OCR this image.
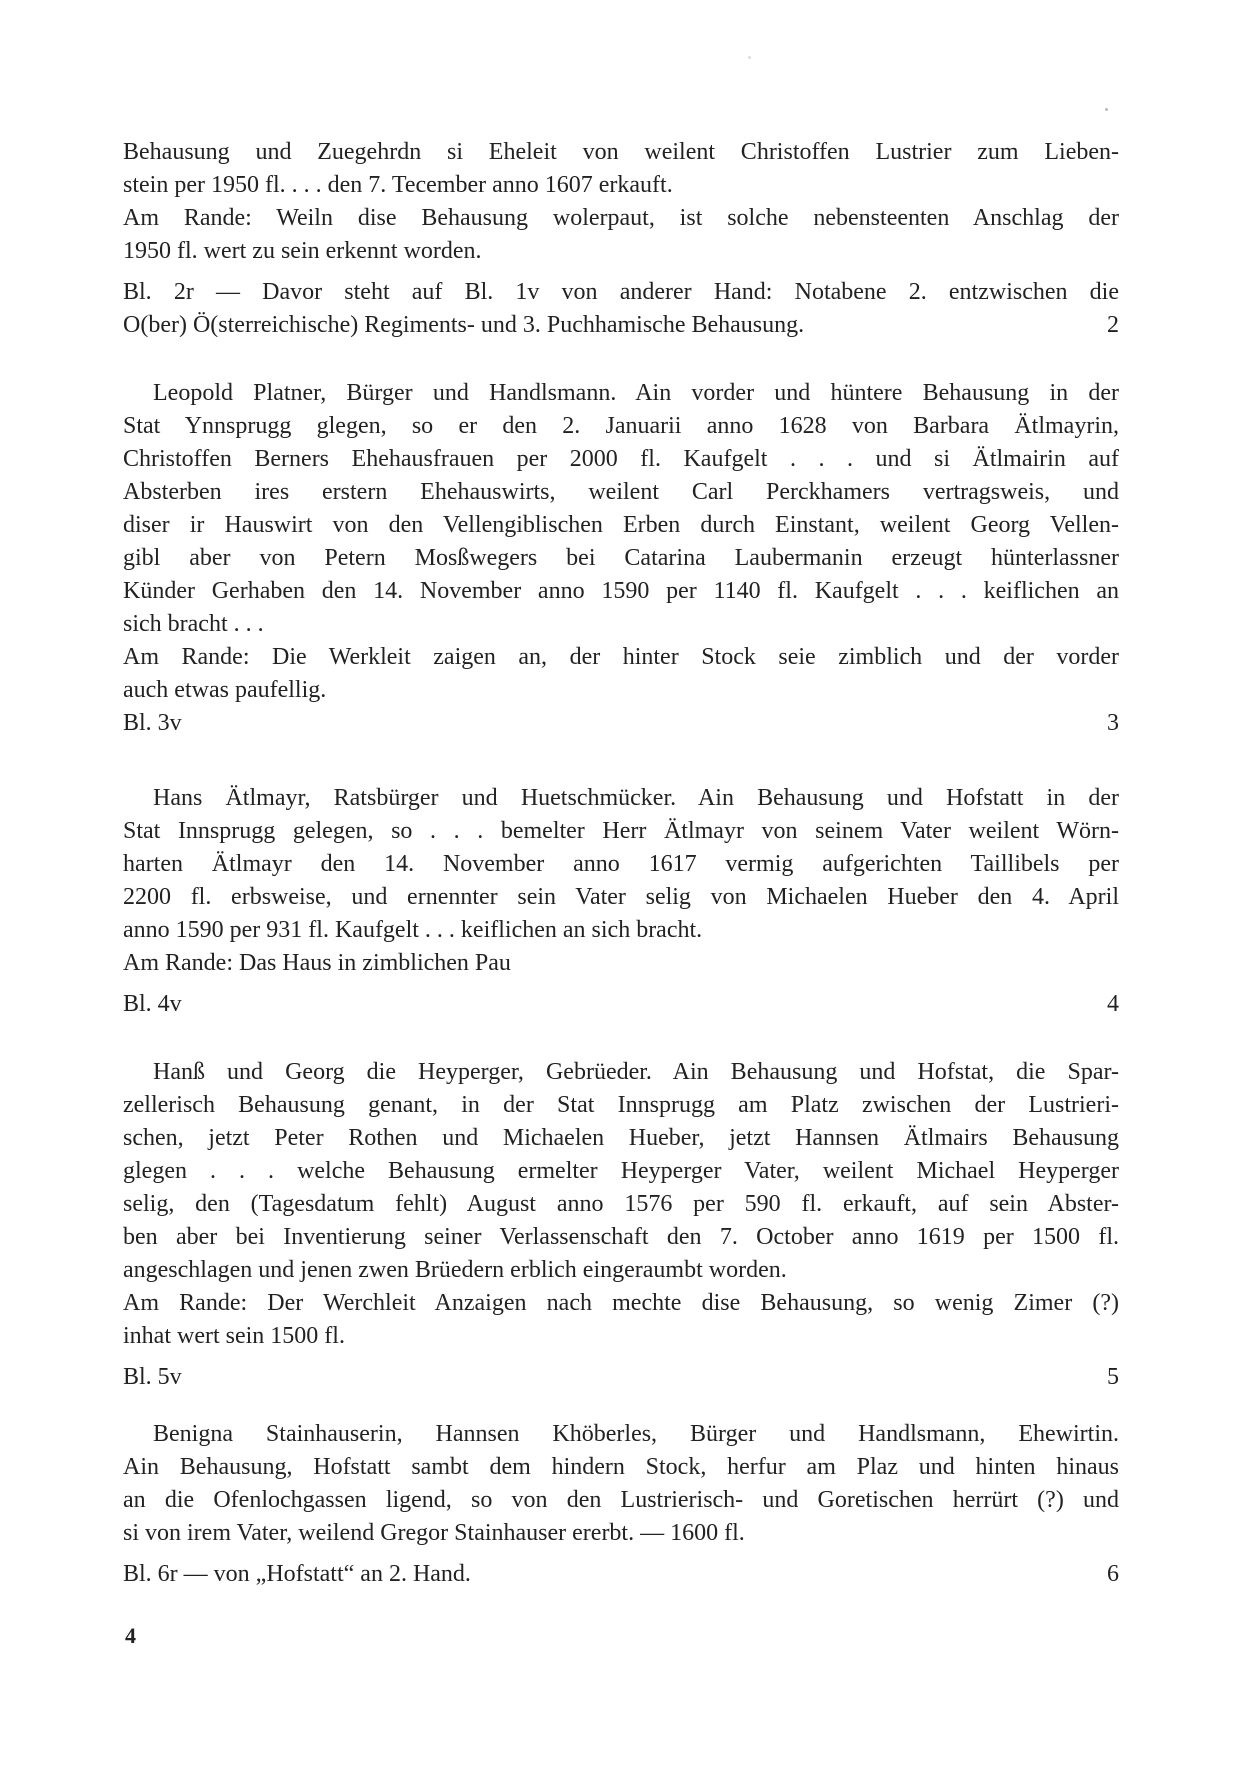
Behausung und Zuegehrdn si Eheleit von weilent Christoffen Lustrier zum Lieben-
stein per 1950 fl. . . . den 7. Tecember anno 1607 erkauft.
Am Rande: Weiln dise Behausung wolerpaut, ist solche nebensteenten Anschlag der
1950 fl. wert zu sein erkennt worden.
Bl. 2r — Davor steht auf Bl. 1v von anderer Hand: Notabene 2. entzwischen die
O(ber) Ö(sterreichische) Regiments- und 3. Puchhamische Behausung.	2
Leopold Platner, Bürger und Handlsmann. Ain vorder und hüntere Behausung in der
Stat Ynnsprugg glegen, so er den 2. Januarii anno 1628 von Barbara Ätlmayrin,
Christoffen Berners Ehehausfrauen per 2000 fl. Kaufgelt . . . und si Ätlmairin auf
Absterben ires erstern Ehehauswirts, weilent Carl Perckhamers vertragsweis, und
diser ir Hauswirt von den Vellengiblischen Erben durch Einstant, weilent Georg Vellen-
gibl aber von Petern Mosßwegers bei Catarina Laubermanin erzeugt hünterlassner
Künder Gerhaben den 14. November anno 1590 per 1140 fl. Kaufgelt . . . keiflichen an
sich bracht . . .
Am Rande: Die Werkleit zaigen an, der hinter Stock seie zimblich und der vorder
auch etwas paufellig.
Bl. 3v	3
Hans Ätlmayr, Ratsbürger und Huetschmücker. Ain Behausung und Hofstatt in der
Stat Innsprugg gelegen, so . . . bemelter Herr Ätlmayr von seinem Vater weilent Wörn-
harten Ätlmayr den 14. November anno 1617 vermig aufgerichten Taillibels per
2200 fl. erbsweise, und ernennter sein Vater selig von Michaelen Hueber den 4. April
anno 1590 per 931 fl. Kaufgelt . . . keiflichen an sich bracht.
Am Rande: Das Haus in zimblichen Pau
Bl. 4v	4
Hanß und Georg die Heyperger, Gebrüeder. Ain Behausung und Hofstat, die Spar-
zellerisch Behausung genant, in der Stat Innsprugg am Platz zwischen der Lustrieri-
schen, jetzt Peter Rothen und Michaelen Hueber, jetzt Hannsen Ätlmairs Behausung
glegen . . . welche Behausung ermelter Heyperger Vater, weilent Michael Heyperger
selig, den (Tagesdatum fehlt) August anno 1576 per 590 fl. erkauft, auf sein Abster-
ben aber bei Inventierung seiner Verlassenschaft den 7. October anno 1619 per 1500 fl.
angeschlagen und jenen zwen Brüedern erblich eingeraumbt worden.
Am Rande: Der Werchleit Anzaigen nach mechte dise Behausung, so wenig Zimer (?)
inhat wert sein 1500 fl.
Bl. 5v	5
Benigna Stainhauserin, Hannsen Khöberles, Bürger und Handlsmann, Ehewirtin.
Ain Behausung, Hofstatt sambt dem hindern Stock, herfur am Plaz und hinten hinaus
an die Ofenlochgassen ligend, so von den Lustrierisch- und Goretischen herrürt (?) und
si von irem Vater, weilend Gregor Stainhauser ererbt. — 1600 fl.
Bl. 6r — von „Hofstatt“ an 2. Hand.	6
4
